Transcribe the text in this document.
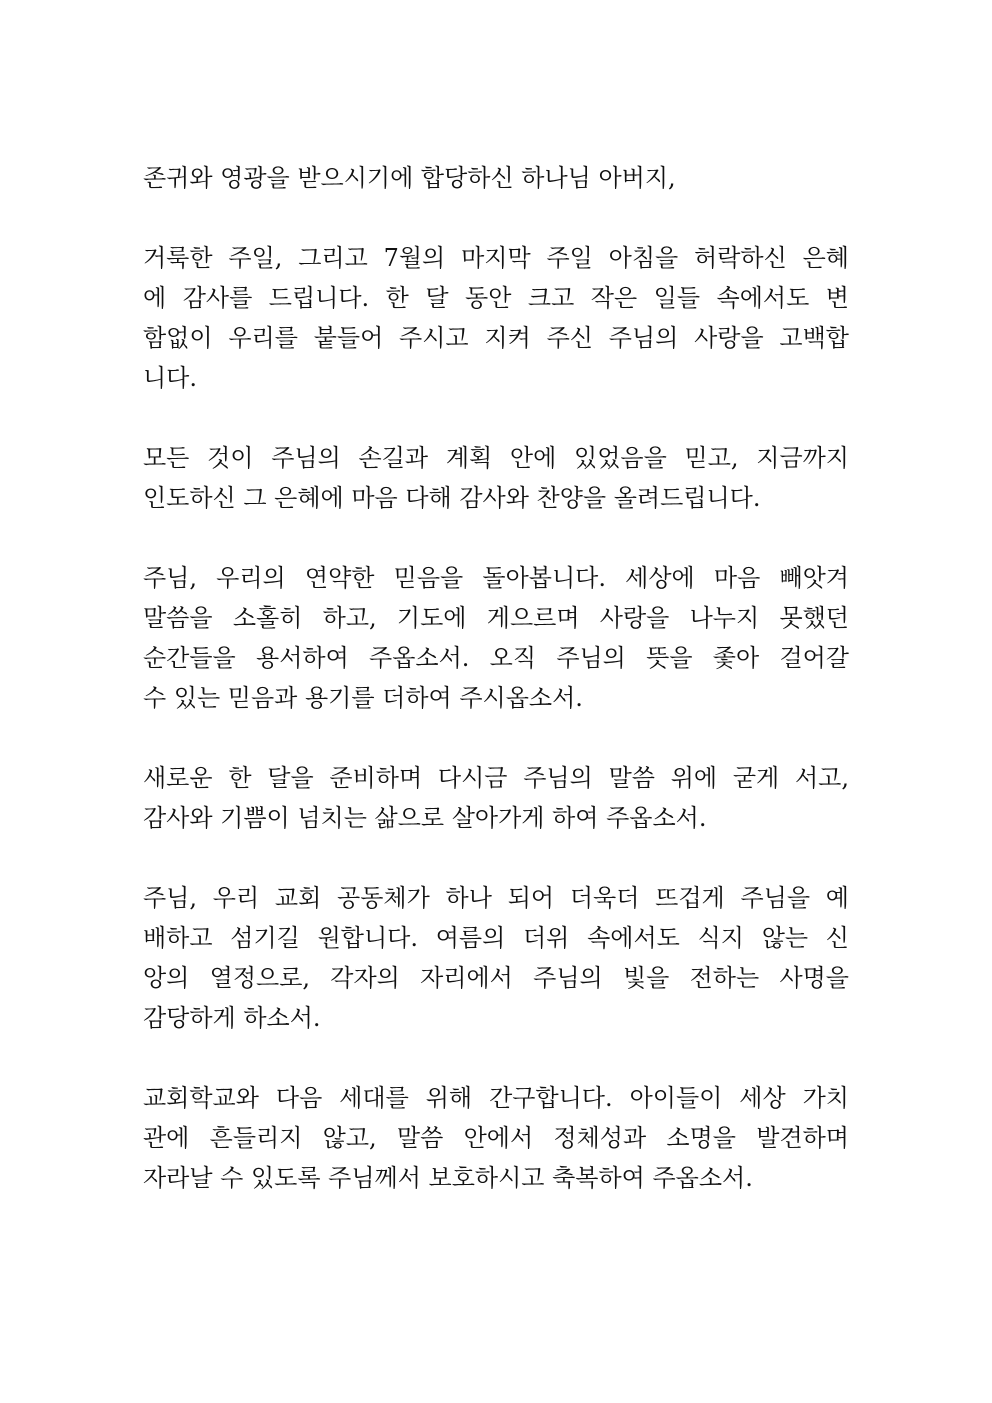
존귀와 영광을 받으시기에 합당하신 하나님 아버지,

거룩한 주일, 그리고 7월의 마지막 주일 아침을 허락하신 은혜
에 감사를 드립니다. 한 달 동안 크고 작은 일들 속에서도 변
함없이 우리를 붙들어 주시고 지켜 주신 주님의 사랑을 고백합
니다.
모든 것이 주님의 손길과 계획 안에 있었음을 믿고, 지금까지
인도하신 그 은혜에 마음 다해 감사와 찬양을 올려드립니다.
주님, 우리의 연약한 믿음을 돌아봅니다. 세상에 마음 빼앗겨
말씀을 소홀히 하고, 기도에 게으르며 사랑을 나누지 못했던
순간들을 용서하여 주옵소서. 오직 주님의 뜻을 좇아 걸어갈
수 있는 믿음과 용기를 더하여 주시옵소서.
새로운 한 달을 준비하며 다시금 주님의 말씀 위에 굳게 서고,
감사와 기쁨이 넘치는 삶으로 살아가게 하여 주옵소서.
주님, 우리 교회 공동체가 하나 되어 더욱더 뜨겁게 주님을 예
배하고 섬기길 원합니다. 여름의 더위 속에서도 식지 않는 신
앙의 열정으로, 각자의 자리에서 주님의 빛을 전하는 사명을
감당하게 하소서.
교회학교와 다음 세대를 위해 간구합니다. 아이들이 세상 가치
관에 흔들리지 않고, 말씀 안에서 정체성과 소명을 발견하며
자라날 수 있도록 주님께서 보호하시고 축복하여 주옵소서.
